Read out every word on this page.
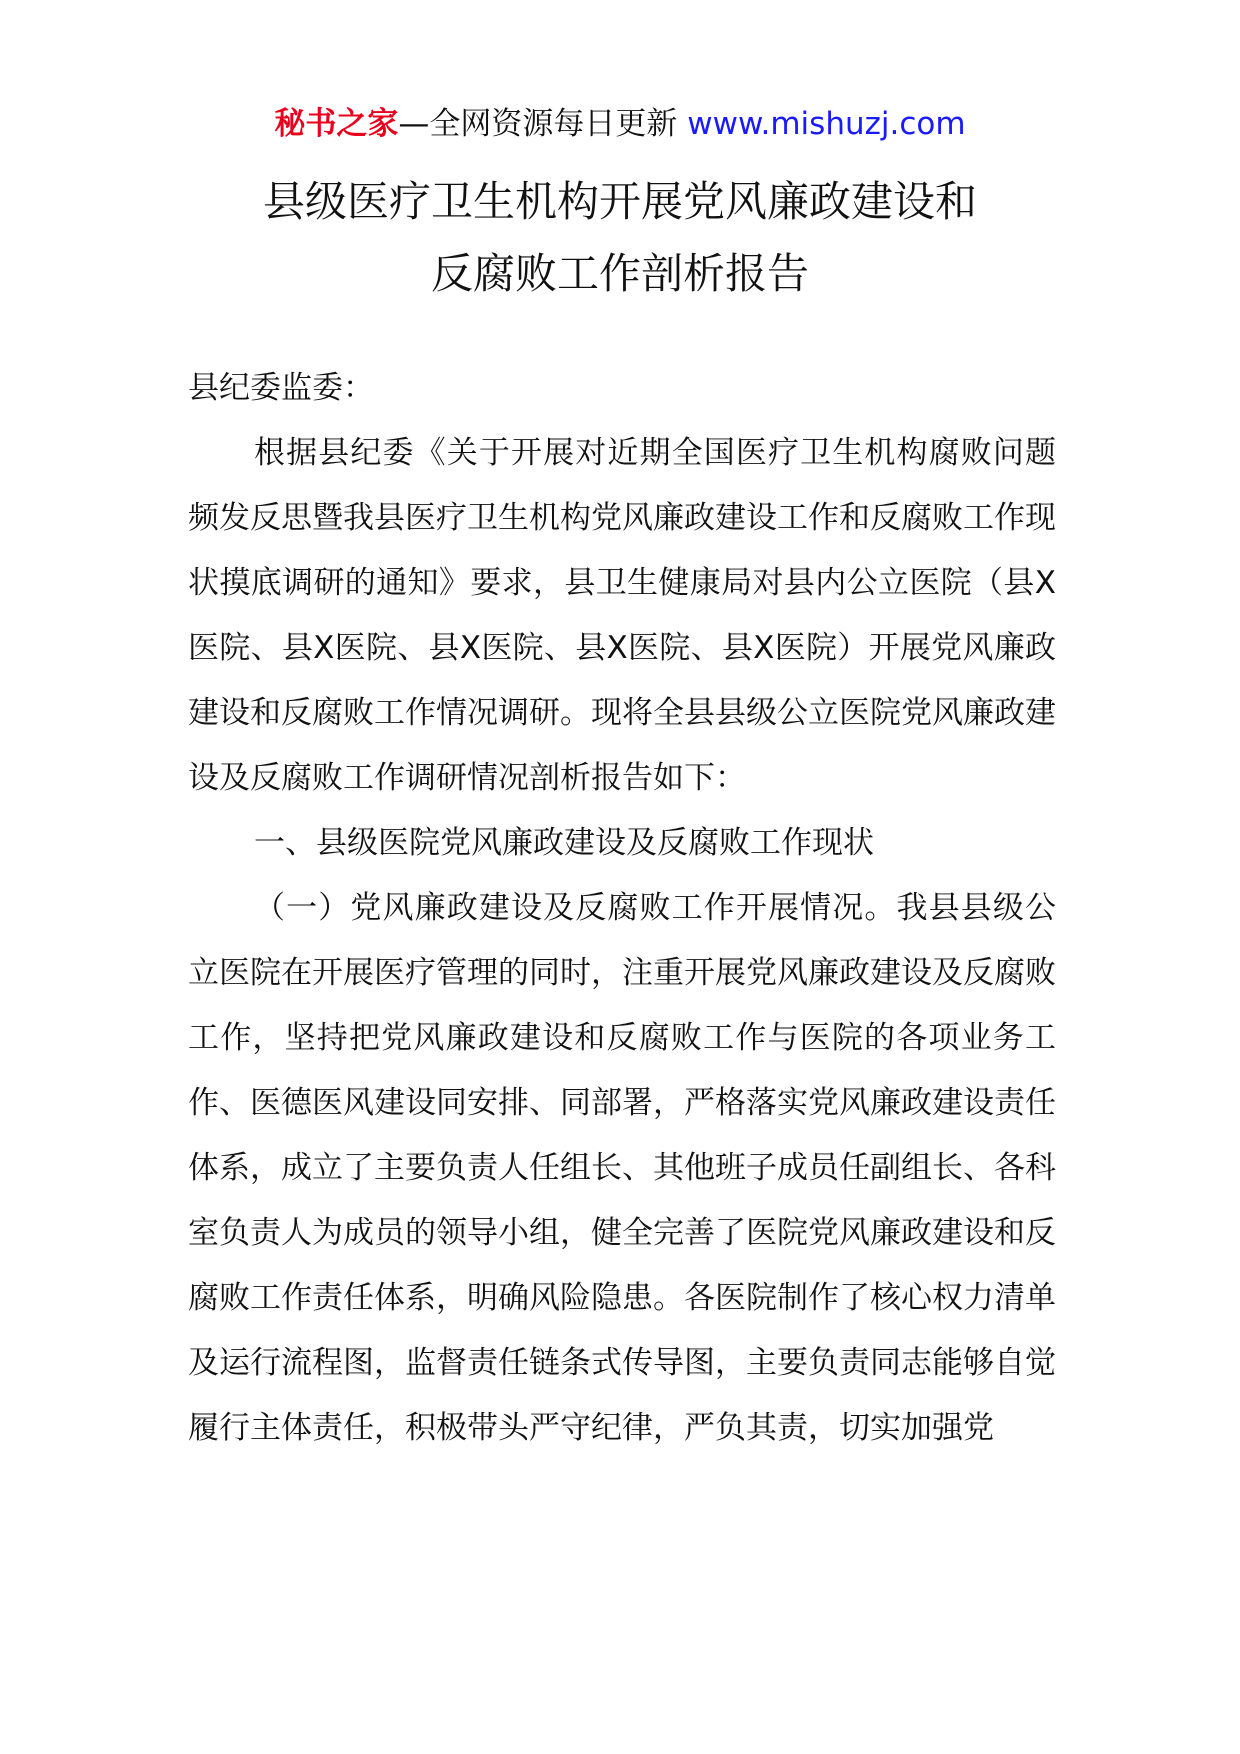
秘书之家—全网资源每日更新 www.mishuzj.com
县级医疗卫生机构开展党风廉政建设和
反腐败工作剖析报告

县纪委监委：

根据县纪委《关于开展对近期全国医疗卫生机构腐败问题频发反思暨我县医疗卫生机构党风廉政建设工作和反腐败工作现状摸底调研的通知》要求，县卫生健康局对县内公立医院（县X医院、县X医院、县X医院、县X医院、县X医院）开展党风廉政建设和反腐败工作情况调研。现将全县县级公立医院党风廉政建设及反腐败工作调研情况剖析报告如下：

一、县级医院党风廉政建设及反腐败工作现状

（一）党风廉政建设及反腐败工作开展情况。我县县级公立医院在开展医疗管理的同时，注重开展党风廉政建设及反腐败工作，坚持把党风廉政建设和反腐败工作与医院的各项业务工作、医德医风建设同安排、同部署，严格落实党风廉政建设责任体系，成立了主要负责人任组长、其他班子成员任副组长、各科室负责人为成员的领导小组，健全完善了医院党风廉政建设和反腐败工作责任体系，明确风险隐患。各医院制作了核心权力清单及运行流程图，监督责任链条式传导图，主要负责同志能够自觉履行主体责任，积极带头严守纪律，严负其责，切实加强党
